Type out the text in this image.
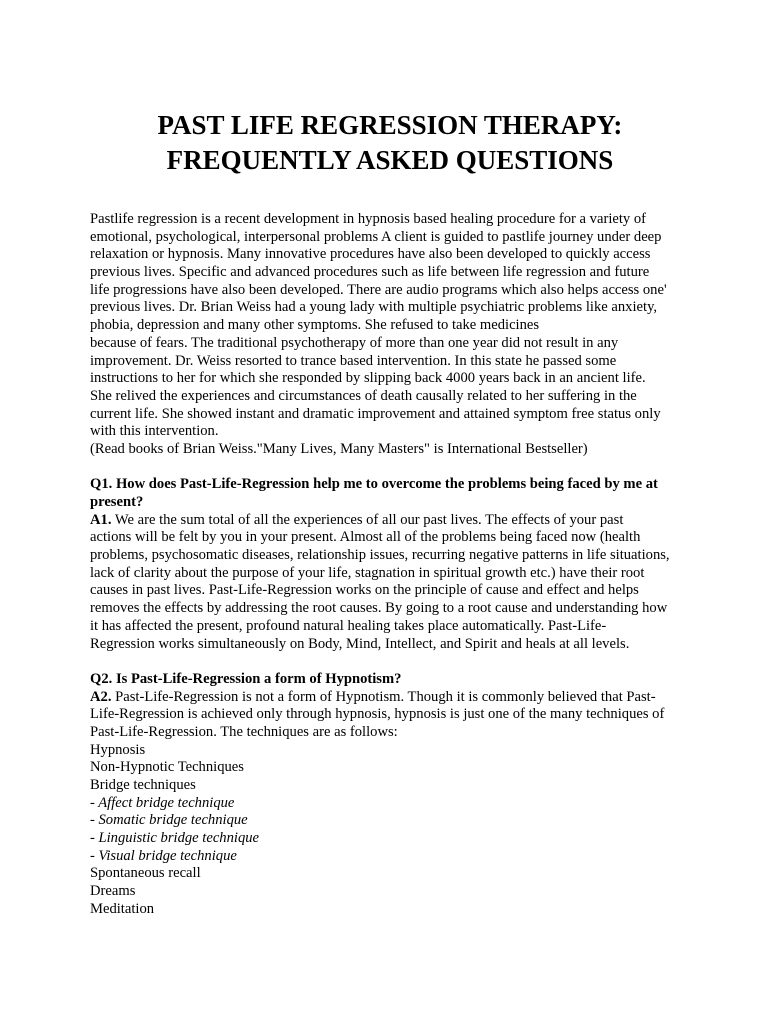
PAST LIFE REGRESSION THERAPY:
FREQUENTLY ASKED QUESTIONS
Pastlife regression is a recent development in hypnosis based healing procedure for a variety of
emotional, psychological, interpersonal problems A client is guided to pastlife journey under deep
relaxation or hypnosis. Many innovative procedures have also been developed to quickly access
previous lives. Specific and advanced procedures such as life between life regression and future
life progressions have also been developed. There are audio programs which also helps access one'
previous lives. Dr. Brian Weiss had a young lady with multiple psychiatric problems like anxiety,
phobia, depression and many other symptoms. She refused to take medicines
because of fears. The traditional psychotherapy of more than one year did not result in any
improvement. Dr. Weiss resorted to trance based intervention. In this state he passed some
instructions to her for which she responded by slipping back 4000 years back in an ancient life.
She relived the experiences and circumstances of death causally related to her suffering in the
current life. She showed instant and dramatic improvement and attained symptom free status only
with this intervention.
(Read books of Brian Weiss."Many Lives, Many Masters" is International Bestseller)
Q1. How does Past-Life-Regression help me to overcome the problems being faced by me at
present?
A1. We are the sum total of all the experiences of all our past lives. The effects of your past
actions will be felt by you in your present. Almost all of the problems being faced now (health
problems, psychosomatic diseases, relationship issues, recurring negative patterns in life situations,
lack of clarity about the purpose of your life, stagnation in spiritual growth etc.) have their root
causes in past lives. Past-Life-Regression works on the principle of cause and effect and helps
removes the effects by addressing the root causes. By going to a root cause and understanding how
it has affected the present, profound natural healing takes place automatically. Past-Life-
Regression works simultaneously on Body, Mind, Intellect, and Spirit and heals at all levels.
Q2. Is Past-Life-Regression a form of Hypnotism?
A2. Past-Life-Regression is not a form of Hypnotism. Though it is commonly believed that Past-
Life-Regression is achieved only through hypnosis, hypnosis is just one of the many techniques of
Past-Life-Regression. The techniques are as follows:
Hypnosis
Non-Hypnotic Techniques
Bridge techniques
- Affect bridge technique
- Somatic bridge technique
- Linguistic bridge technique
- Visual bridge technique
Spontaneous recall
Dreams
Meditation
